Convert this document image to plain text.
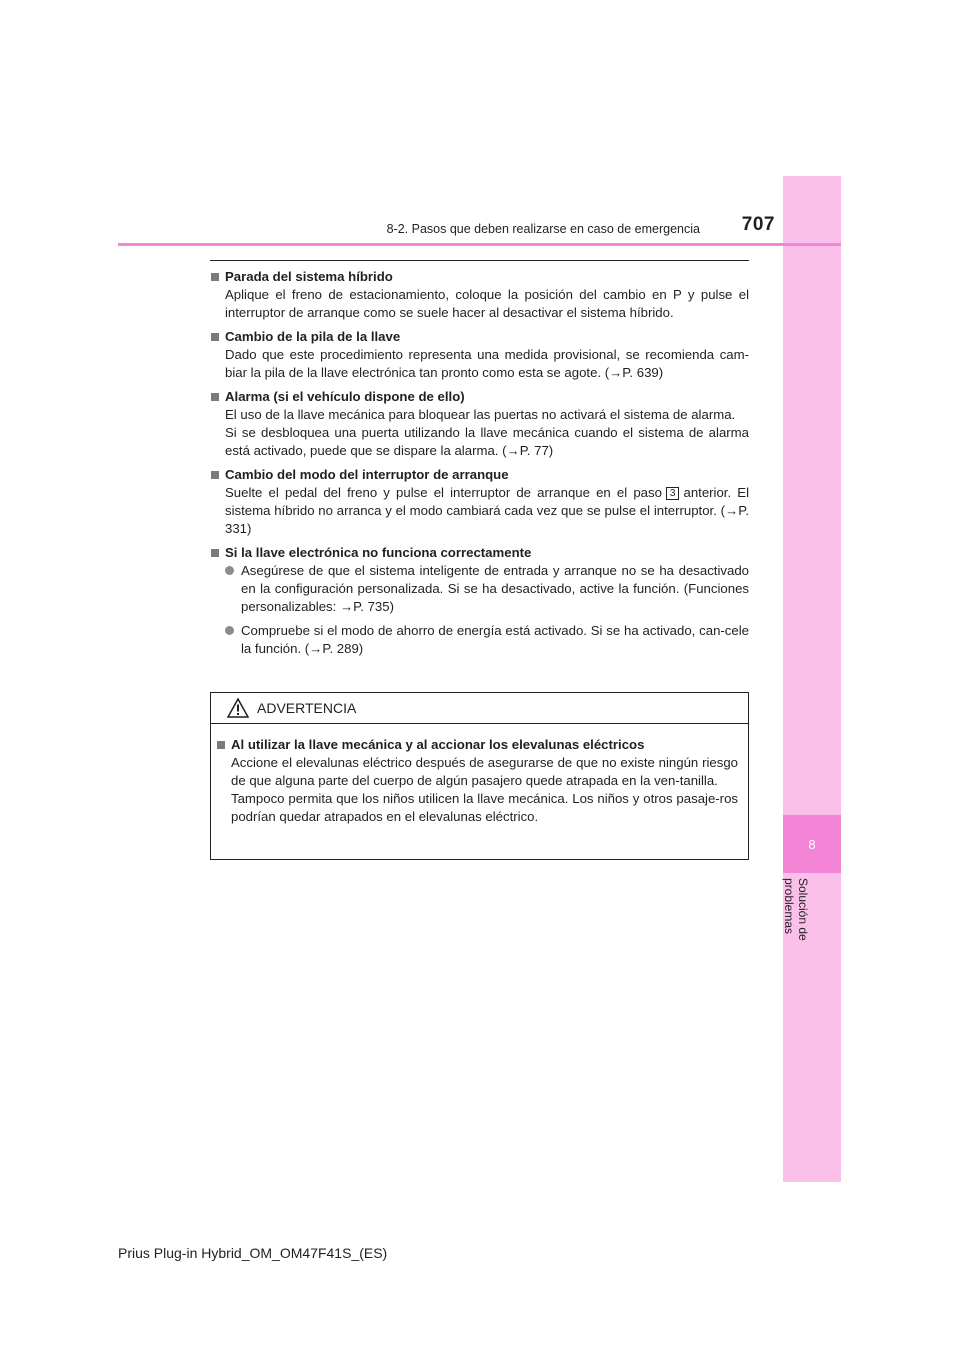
8
Solución de problemas
8-2. Pasos que deben realizarse en caso de emergencia	707
Parada del sistema híbrido

Aplique el freno de estacionamiento, coloque la posición del cambio en P y pulse el interruptor de arranque como se suele hacer al desactivar el sistema híbrido.

Cambio de la pila de la llave

Dado que este procedimiento representa una medida provisional, se recomienda cam-biar la pila de la llave electrónica tan pronto como esta se agote. (→P. 639)

Alarma (si el vehículo dispone de ello)

El uso de la llave mecánica para bloquear las puertas no activará el sistema de alarma.

Si se desbloquea una puerta utilizando la llave mecánica cuando el sistema de alarma está activado, puede que se dispare la alarma. (→P. 77)

Cambio del modo del interruptor de arranque

Suelte el pedal del freno y pulse el interruptor de arranque en el paso 3 anterior. El sistema híbrido no arranca y el modo cambiará cada vez que se pulse el interruptor. (→P. 331)

Si la llave electrónica no funciona correctamente
Asegúrese de que el sistema inteligente de entrada y arranque no se ha desactivado en la configuración personalizada. Si se ha desactivado, active la función. (Funciones personalizables: →P. 735)
Compruebe si el modo de ahorro de energía está activado. Si se ha activado, can-cele la función. (→P. 289)
ADVERTENCIA
Al utilizar la llave mecánica y al accionar los elevalunas eléctricos

Accione el elevalunas eléctrico después de asegurarse de que no existe ningún riesgo de que alguna parte del cuerpo de algún pasajero quede atrapada en la ven-tanilla.

Tampoco permita que los niños utilicen la llave mecánica. Los niños y otros pasaje-ros podrían quedar atrapados en el elevalunas eléctrico.

Prius Plug-in Hybrid_OM_OM47F41S_(ES)
